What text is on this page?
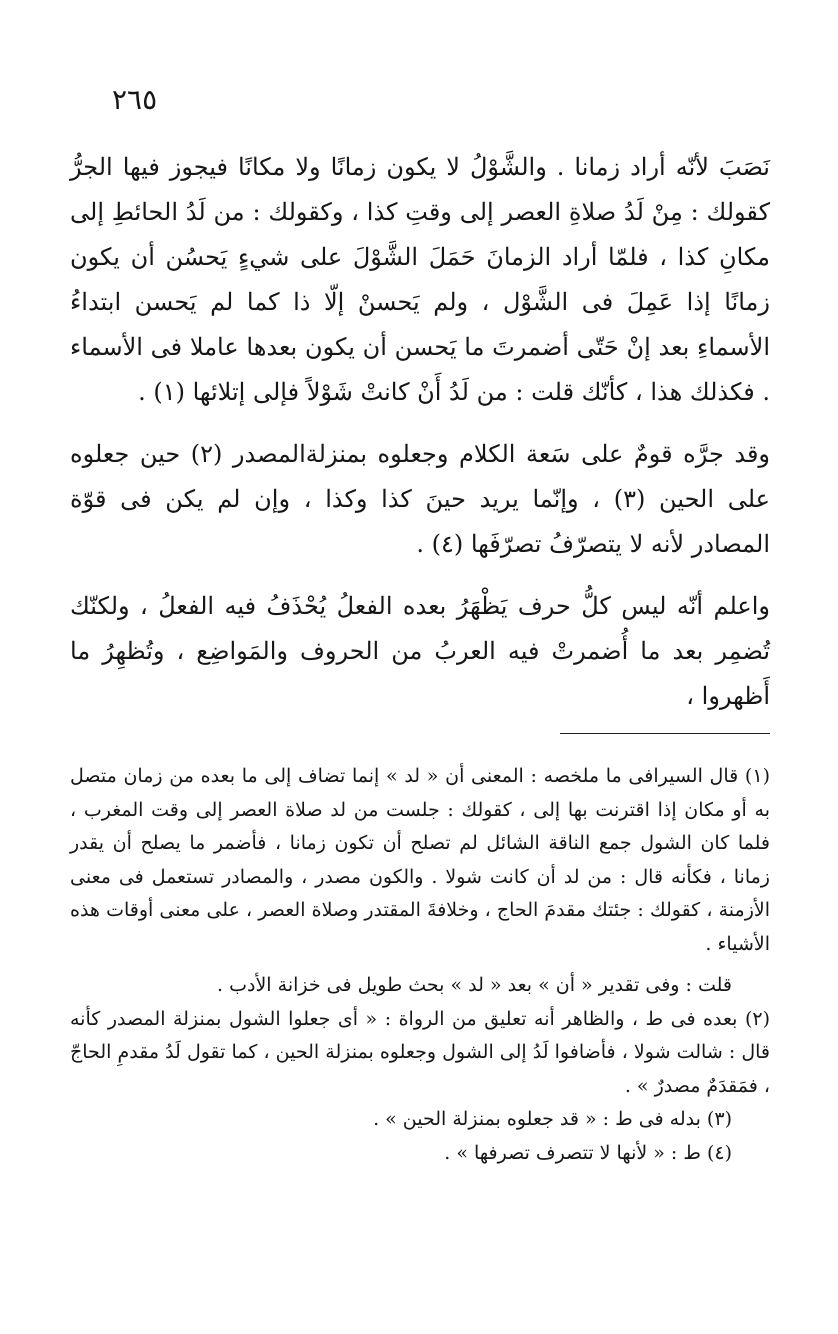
٢٦٥

نَصَبَ لأنّه أراد زمانا . والشَّوْلُ لا يكون زمانًا ولا مكانًا فيجوز فيها الجرُّ كقولك : مِنْ لَدُ صلاةِ العصر إلى وقتِ كذا ، وكقولك : من لَدُ الحائطِ إلى مكانِ كذا ، فلمّا أراد الزمانَ حَمَلَ الشَّوْلَ على شيءٍ يَحسُن أن يكون زمانًا إذا عَمِلَ فى الشَّوْل ، ولم يَحسنْ إلّا ذا كما لم يَحسن ابتداءُ الأسماءِ بعد إنْ حَتّى أضمرتَ ما يَحسن أن يكون بعدها عاملا فى الأسماء . فكذلك هذا ، كأنّك قلت : من لَدُ أَنْ كانتْ شَوْلاً فإلى إتلائها (١) .

وقد جرَّه قومٌ على سَعة الكلام وجعلوه بمنزلةالمصدر (٢) حين جعلوه على الحين (٣) ، وإنّما يريد حينَ كذا وكذا ، وإن لم يكن فى قوّة المصادر لأنه لا يتصرّفُ تصرّفَها (٤) .

واعلم أنّه ليس كلُّ حرف يَظْهَرُ بعده الفعلُ يُحْذَفُ فيه الفعلُ ، ولكنّك تُضمِر بعد ما أُضمرتْ فيه العربُ من الحروف والمَواضِع ، وتُظهِرُ ما أَظهروا ،

(١) قال السيرافى ما ملخصه : المعنى أن « لد » إنما تضاف إلى ما بعده من زمان متصل به أو مكان إذا اقترنت بها إلى ، كقولك : جلست من لد صلاة العصر إلى وقت المغرب ، فلما كان الشول جمع الناقة الشائل لم تصلح أن تكون زمانا ، فأضمر ما يصلح أن يقدر زمانا ، فكأنه قال : من لد أن كانت شولا . والكون مصدر ، والمصادر تستعمل فى معنى الأزمنة ، كقولك : جئتك مقدمَ الحاج ، وخلافةَ المقتدر وصلاة العصر ، على معنى أوقات هذه الأشياء .

قلت : وفى تقدير « أن » بعد « لد » بحث طويل فى خزانة الأدب .

(٢) بعده فى ط ، والظاهر أنه تعليق من الرواة : « أى جعلوا الشول بمنزلة المصدر كأنه قال : شالت شولا ، فأضافوا لَدُ إلى الشول وجعلوه بمنزلة الحين ، كما تقول لَدُ مقدمِ الحاجّ ، فمَقدَمٌ مصدرٌ » .

(٣) بدله فى ط : « قد جعلوه بمنزلة الحين » .

(٤) ط : « لأنها لا تتصرف تصرفها » .
